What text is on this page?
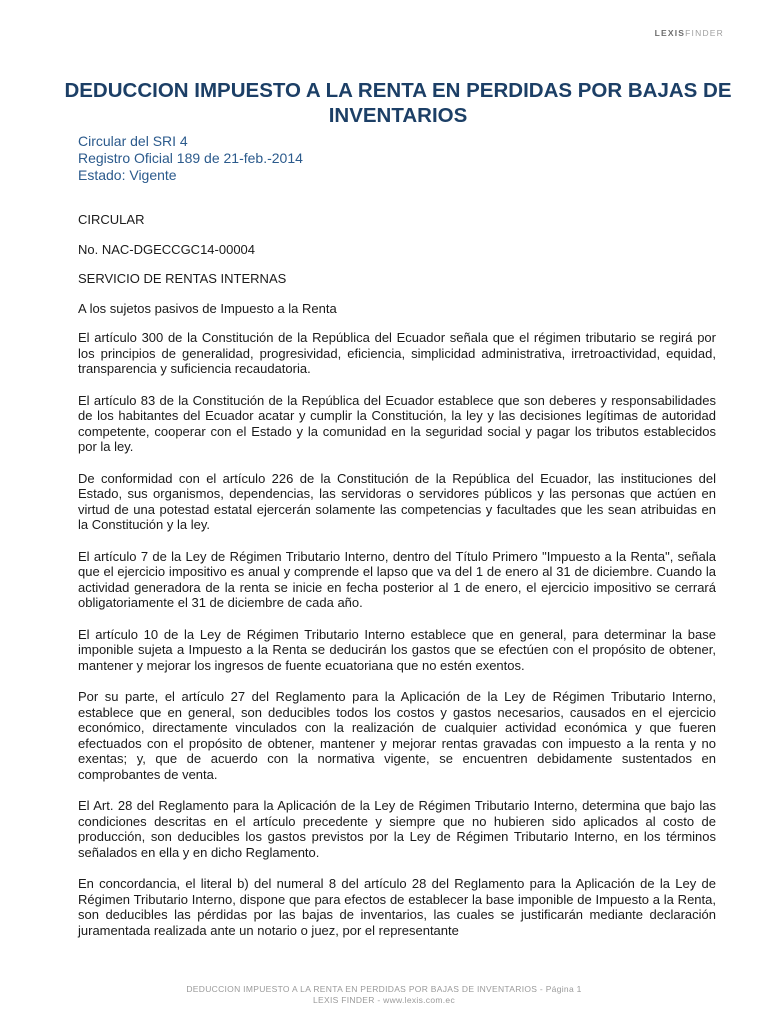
LEXISFINDER
DEDUCCION IMPUESTO A LA RENTA EN PERDIDAS POR BAJAS DE INVENTARIOS
Circular del SRI 4
Registro Oficial 189 de 21-feb.-2014
Estado: Vigente

CIRCULAR

No. NAC-DGECCGC14-00004

SERVICIO DE RENTAS INTERNAS

A los sujetos pasivos de Impuesto a la Renta

El artículo 300 de la Constitución de la República del Ecuador señala que el régimen tributario se regirá por los principios de generalidad, progresividad, eficiencia, simplicidad administrativa, irretroactividad, equidad, transparencia y suficiencia recaudatoria.

El artículo 83 de la Constitución de la República del Ecuador establece que son deberes y responsabilidades de los habitantes del Ecuador acatar y cumplir la Constitución, la ley y las decisiones legítimas de autoridad competente, cooperar con el Estado y la comunidad en la seguridad social y pagar los tributos establecidos por la ley.

De conformidad con el artículo 226 de la Constitución de la República del Ecuador, las instituciones del Estado, sus organismos, dependencias, las servidoras o servidores públicos y las personas que actúen en virtud de una potestad estatal ejercerán solamente las competencias y facultades que les sean atribuidas en la Constitución y la ley.

El artículo 7 de la Ley de Régimen Tributario Interno, dentro del Título Primero "Impuesto a la Renta", señala que el ejercicio impositivo es anual y comprende el lapso que va del 1 de enero al 31 de diciembre. Cuando la actividad generadora de la renta se inicie en fecha posterior al 1 de enero, el ejercicio impositivo se cerrará obligatoriamente el 31 de diciembre de cada año.

El artículo 10 de la Ley de Régimen Tributario Interno establece que en general, para determinar la base imponible sujeta a Impuesto a la Renta se deducirán los gastos que se efectúen con el propósito de obtener, mantener y mejorar los ingresos de fuente ecuatoriana que no estén exentos.

Por su parte, el artículo 27 del Reglamento para la Aplicación de la Ley de Régimen Tributario Interno, establece que en general, son deducibles todos los costos y gastos necesarios, causados en el ejercicio económico, directamente vinculados con la realización de cualquier actividad económica y que fueren efectuados con el propósito de obtener, mantener y mejorar rentas gravadas con impuesto a la renta y no exentas; y, que de acuerdo con la normativa vigente, se encuentren debidamente sustentados en comprobantes de venta.

El Art. 28 del Reglamento para la Aplicación de la Ley de Régimen Tributario Interno, determina que bajo las condiciones descritas en el artículo precedente y siempre que no hubieren sido aplicados al costo de producción, son deducibles los gastos previstos por la Ley de Régimen Tributario Interno, en los términos señalados en ella y en dicho Reglamento.

En concordancia, el literal b) del numeral 8 del artículo 28 del Reglamento para la Aplicación de la Ley de Régimen Tributario Interno, dispone que para efectos de establecer la base imponible de Impuesto a la Renta, son deducibles las pérdidas por las bajas de inventarios, las cuales se justificarán mediante declaración juramentada realizada ante un notario o juez, por el representante

DEDUCCION IMPUESTO A LA RENTA EN PERDIDAS POR BAJAS DE INVENTARIOS - Página 1
LEXIS FINDER - www.lexis.com.ec
